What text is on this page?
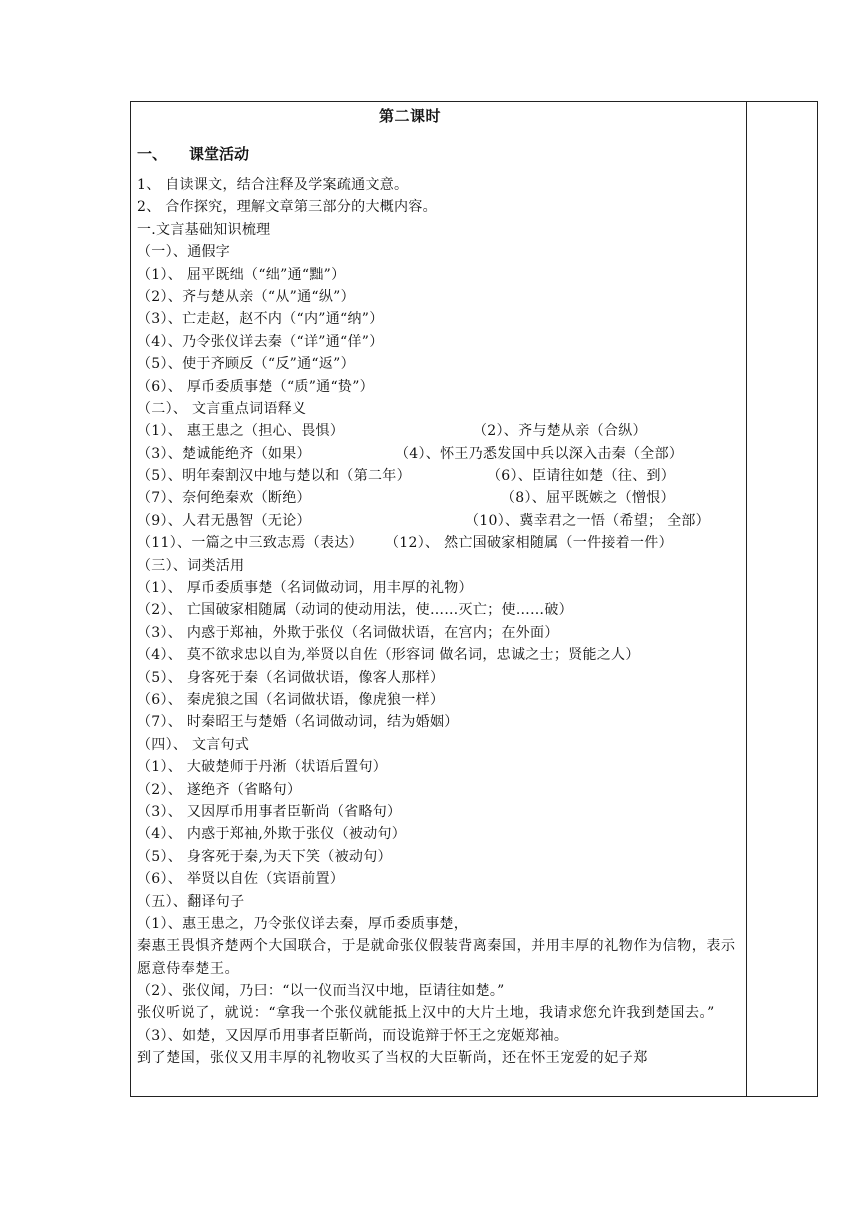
第二课时
一、 课堂活动
1、 自读课文，结合注释及学案疏通文意。
2、 合作探究，理解文章第三部分的大概内容。
一.文言基础知识梳理
（一）、通假字
（1）、 屈平既绌（“绌”通“黜”）
（2）、齐与楚从亲（“从”通“纵”）
（3）、亡走赵，赵不内（“内”通“纳”）
（4）、乃令张仪详去秦（“详”通“佯”）
（5）、使于齐顾反（“反”通“返”）
（6）、 厚币委质事楚（“质”通“贽”）
（二）、 文言重点词语释义
（1）、 惠王患之（担心、畏惧）	（2）、齐与楚从亲（合纵）
（3）、楚诚能绝齐（如果）	（4）、怀王乃悉发国中兵以深入击秦（全部）
（5）、明年秦割汉中地与楚以和（第二年）	（6）、臣请往如楚（往、到）
（7）、奈何绝秦欢（断绝）	（8）、屈平既嫉之（憎恨）
（9）、人君无愚智（无论）	（10）、冀幸君之一悟（希望； 全部）
（11）、一篇之中三致志焉（表达） （12）、 然亡国破家相随属（一件接着一件）
（三）、词类活用
（1）、 厚币委质事楚（名词做动词，用丰厚的礼物）
（2）、 亡国破家相随属（动词的使动用法，使……灭亡；使……破）
（3）、 内惑于郑袖，外欺于张仪（名词做状语，在宫内；在外面）
（4）、 莫不欲求忠以自为,举贤以自佐（形容词 做名词，忠诚之士；贤能之人）
（5）、 身客死于秦（名词做状语，像客人那样）
（6）、 秦虎狼之国（名词做状语，像虎狼一样）
（7）、 时秦昭王与楚婚（名词做动词，结为婚姻）
（四）、 文言句式
（1）、 大破楚师于丹淅（状语后置句）
（2）、 遂绝齐（省略句）
（3）、 又因厚币用事者臣靳尚（省略句）
（4）、 内惑于郑袖,外欺于张仪（被动句）
（5）、 身客死于秦,为天下笑（被动句）
（6）、 举贤以自佐（宾语前置）
（五）、翻译句子
（1）、惠王患之，乃令张仪详去秦，厚币委质事楚，
秦惠王畏惧齐楚两个大国联合，于是就命张仪假装背离秦国，并用丰厚的礼物作为信物，表示愿意侍奉楚王。
（2）、张仪闻，乃曰：“以一仪而当汉中地，臣请往如楚。”
张仪听说了，就说：“拿我一个张仪就能抵上汉中的大片土地，我请求您允许我到楚国去。”
（3）、如楚，又因厚币用事者臣靳尚，而设诡辩于怀王之宠姬郑袖。
到了楚国，张仪又用丰厚的礼物收买了当权的大臣靳尚，还在怀王宠爱的妃子郑
